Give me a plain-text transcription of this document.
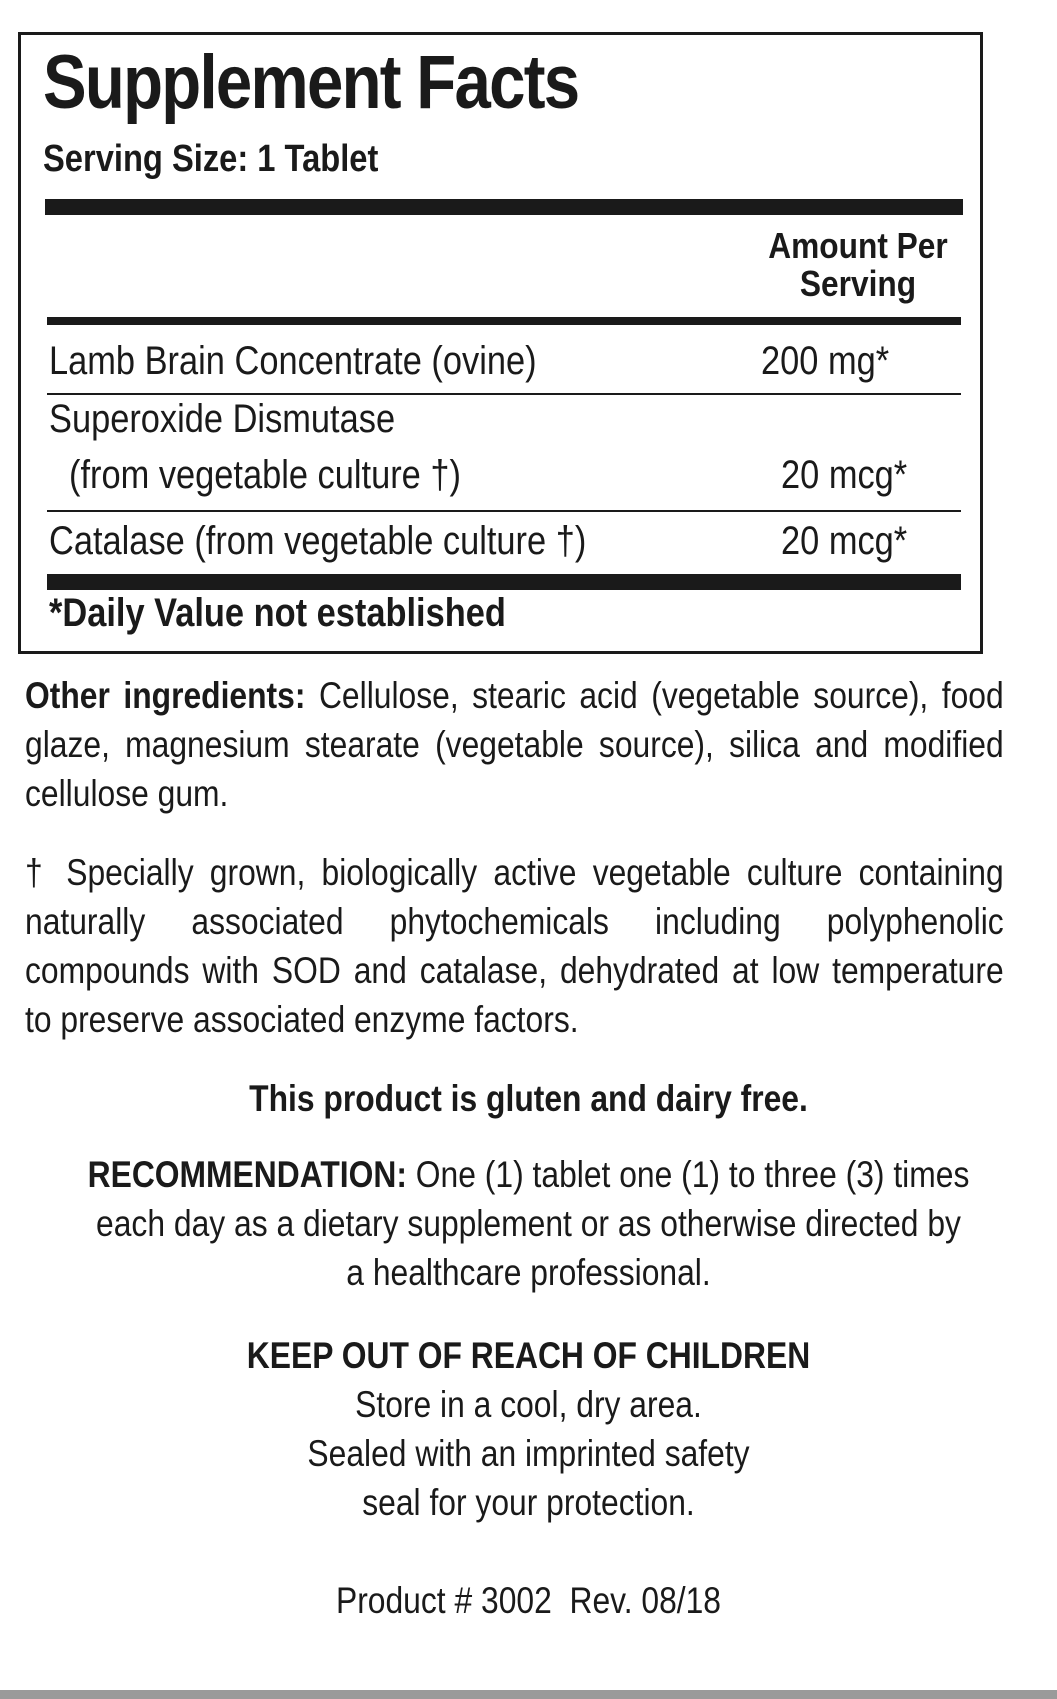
Supplement Facts
Serving Size: 1 Tablet
Amount Per
Serving
Lamb Brain Concentrate (ovine)	200 mg*
Superoxide Dismutase
(from vegetable culture †)	20 mcg*
Catalase (from vegetable culture †)	20 mcg*
*Daily Value not established

Other ingredients: Cellulose, stearic acid (vegetable source), food glaze, magnesium stearate (vegetable source), silica and modified cellulose gum.

† Specially grown, biologically active vegetable culture containing naturally associated phytochemicals including polyphenolic compounds with SOD and catalase, dehydrated at low temperature to preserve associated enzyme factors.

This product is gluten and dairy free.
RECOMMENDATION: One (1) tablet one (1) to three (3) times
each day as a dietary supplement or as otherwise directed by
a healthcare professional.
KEEP OUT OF REACH OF CHILDREN
Store in a cool, dry area.
Sealed with an imprinted safety
seal for your protection.
Product # 3002  Rev. 08/18
